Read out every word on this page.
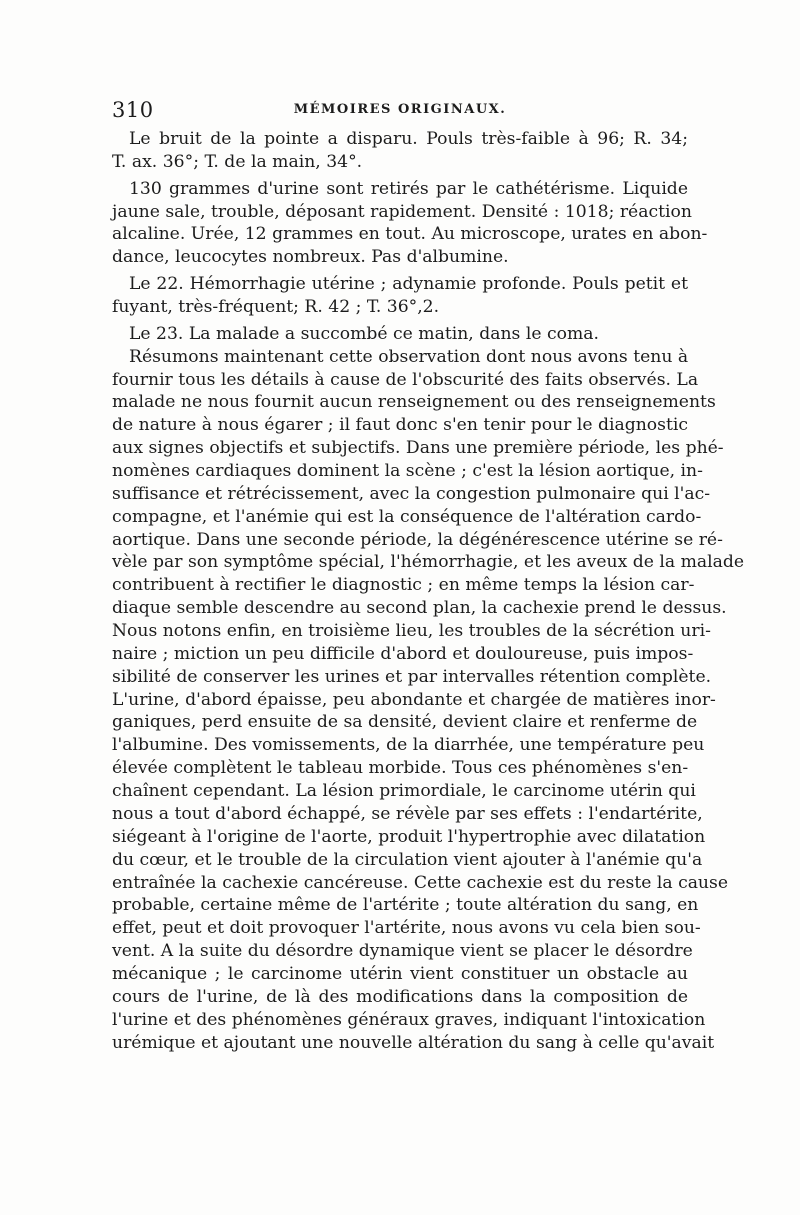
310	MÉMOIRES ORIGINAUX.
Le bruit de la pointe a disparu. Pouls très-faible à 96; R. 34;
T. ax. 36°; T. de la main, 34°.
130 grammes d'urine sont retirés par le cathétérisme. Liquide
jaune sale, trouble, déposant rapidement. Densité : 1018; réaction
alcaline. Urée, 12 grammes en tout. Au microscope, urates en abon-
dance, leucocytes nombreux. Pas d'albumine.
Le 22. Hémorrhagie utérine ; adynamie profonde. Pouls petit et
fuyant, très-fréquent; R. 42 ; T. 36°,2.
Le 23. La malade a succombé ce matin, dans le coma.
Résumons maintenant cette observation dont nous avons tenu à
fournir tous les détails à cause de l'obscurité des faits observés. La
malade ne nous fournit aucun renseignement ou des renseignements
de nature à nous égarer ; il faut donc s'en tenir pour le diagnostic
aux signes objectifs et subjectifs. Dans une première période, les phé-
nomènes cardiaques dominent la scène ; c'est la lésion aortique, in-
suffisance et rétrécissement, avec la congestion pulmonaire qui l'ac-
compagne, et l'anémie qui est la conséquence de l'altération cardo-
aortique. Dans une seconde période, la dégénérescence utérine se ré-
vèle par son symptôme spécial, l'hémorrhagie, et les aveux de la malade
contribuent à rectifier le diagnostic ; en même temps la lésion car-
diaque semble descendre au second plan, la cachexie prend le dessus.
Nous notons enfin, en troisième lieu, les troubles de la sécrétion uri-
naire ; miction un peu difficile d'abord et douloureuse, puis impos-
sibilité de conserver les urines et par intervalles rétention complète.
L'urine, d'abord épaisse, peu abondante et chargée de matières inor-
ganiques, perd ensuite de sa densité, devient claire et renferme de
l'albumine. Des vomissements, de la diarrhée, une température peu
élevée complètent le tableau morbide. Tous ces phénomènes s'en-
chaînent cependant. La lésion primordiale, le carcinome utérin qui
nous a tout d'abord échappé, se révèle par ses effets : l'endartérite,
siégeant à l'origine de l'aorte, produit l'hypertrophie avec dilatation
du cœur, et le trouble de la circulation vient ajouter à l'anémie qu'a
entraînée la cachexie cancéreuse. Cette cachexie est du reste la cause
probable, certaine même de l'artérite ; toute altération du sang, en
effet, peut et doit provoquer l'artérite, nous avons vu cela bien sou-
vent. A la suite du désordre dynamique vient se placer le désordre
mécanique ; le carcinome utérin vient constituer un obstacle au
cours de l'urine, de là des modifications dans la composition de
l'urine et des phénomènes généraux graves, indiquant l'intoxication
urémique et ajoutant une nouvelle altération du sang à celle qu'avait
